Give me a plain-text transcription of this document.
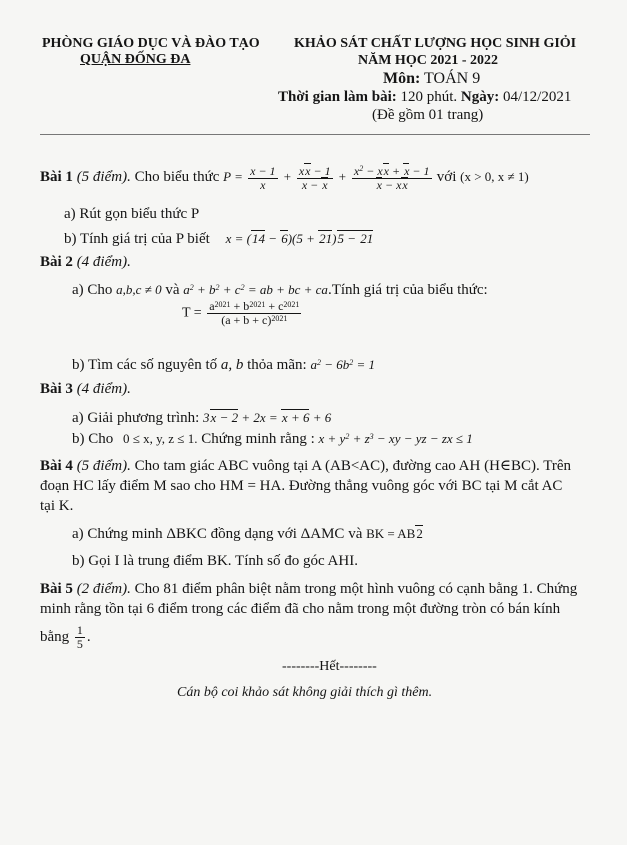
PHÒNG GIÁO DỤC VÀ ĐÀO TẠO
QUẬN ĐỐNG ĐA
KHẢO SÁT CHẤT LƯỢNG HỌC SINH GIỎI
NĂM HỌC 2021 - 2022
Môn: TOÁN 9
Thời gian làm bài: 120 phút. Ngày: 04/12/2021
(Đề gồm 01 trang)
Bài 1 (5 điểm). Cho biểu thức $P = \frac{x - 1}{x} + \frac{xx - 1}{x - x} + \frac{x^2 - xx + x - 1}{x - xx}$ với (x > 0, x ≠ 1)
a) Rút gọn biểu thức P
b) Tính giá trị của P biết x = (14 − 6)(5 + 21)5 − 21
Bài 2 (4 điểm).
a) Cho a,b,c ≠ 0 và $a^2 + b^2 + c^2$ = ab + bc + ca.Tính giá trị của biểu thức:
$T = \frac{a^{2021} + b^{2021} + c^{2021}}{(a + b + c)^{2021}}$
b) Tìm các số nguyên tố a, b thỏa mãn: $a^2 - 6b^2 = 1$
Bài 3 (4 điểm).
a) Giải phương trình: 3x − 2 + 2x = x + 6 + 6
b) Cho 0 ≤ x, y, z ≤ 1. Chứng minh rằng : $x + y^2 + z^3$ − xy − yz − zx ≤ 1
Bài 4 (5 điểm). Cho tam giác ABC vuông tại A (AB<AC), đường cao AH (H∈BC). Trên
đoạn HC lấy điểm M sao cho HM = HA. Đường thẳng vuông góc với BC tại M cắt AC
tại K.
a) Chứng minh ΔBKC đồng dạng với ΔAMC và BK = AB2
b) Gọi I là trung điểm BK. Tính số đo góc AHI.
Bài 5 (2 điểm). Cho 81 điểm phân biệt nằm trong một hình vuông có cạnh bằng 1. Chứng
minh rằng tồn tại 6 điểm trong các điểm đã cho nằm trong một đường tròn có bán kính
bằng $\frac{1}{5}$ .
--------Hết--------
Cán bộ coi khảo sát không giải thích gì thêm.
